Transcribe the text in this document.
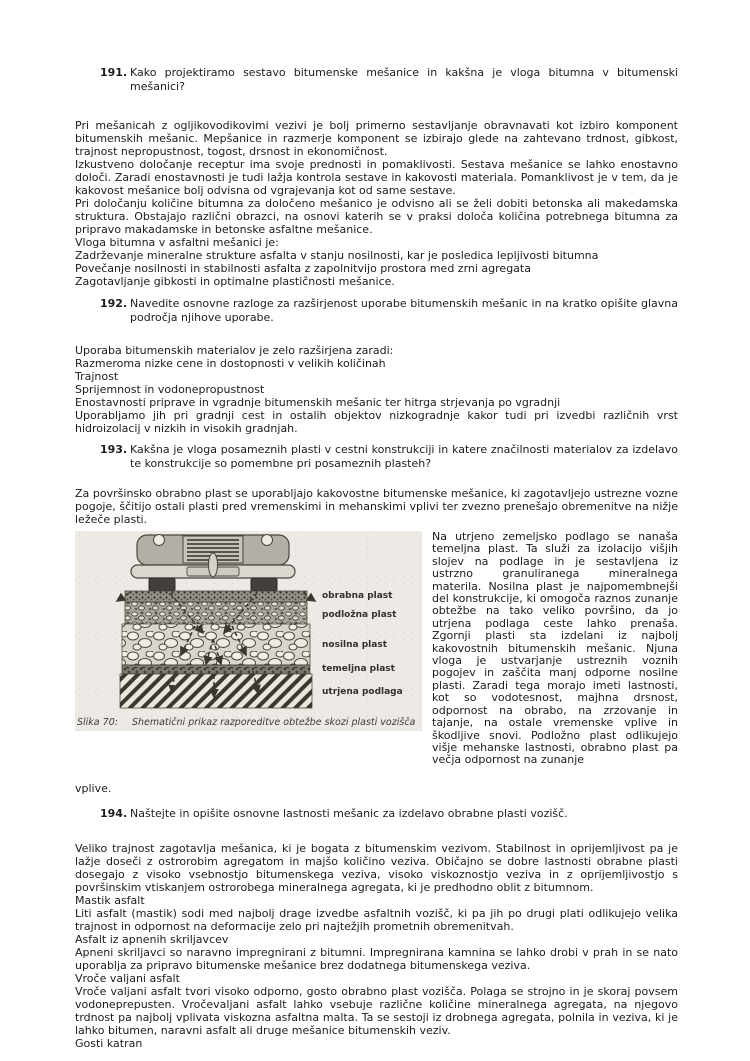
191. Kako projektiramo sestavo bitumenske mešanice in kakšna je vloga bitumna v bitumenski mešanici?

Pri mešanicah z ogljikovodikovimi vezivi je bolj primerno sestavljanje obravnavati kot izbiro komponent bitumenskih mešanic. Mepšanice in razmerje komponent se izbirajo glede na zahtevano trdnost, gibkost, trajnost nepropustnost, togost, drsnost in ekonomičnost.

Izkustveno določanje receptur ima svoje prednosti in pomaklivosti. Sestava mešanice se lahko enostavno določi. Zaradi enostavnosti je tudi lažja kontrola sestave in kakovosti materiala. Pomanklivost je v tem, da je kakovost mešanice bolj odvisna od vgrajevanja kot od same sestave.

Pri določanju količine bitumna za določeno mešanico je odvisno ali se želi dobiti betonska ali makedamska struktura. Obstajajo različni obrazci, na osnovi katerih se v praksi določa količina potrebnega bitumna za pripravo makadamske in betonske asfaltne mešanice.

Vloga bitumna v asfaltni mešanici je:

Zadrževanje mineralne strukture asfalta v stanju nosilnosti, kar je posledica lepljivosti bitumna

Povečanje nosilnosti in stabilnosti asfalta z zapolnitvijo prostora med zrni agregata

Zagotavljanje gibkosti in optimalne plastičnosti mešanice.

192. Navedite osnovne razloge za razširjenost uporabe bitumenskih mešanic in na kratko opišite glavna področja njihove uporabe.

Uporaba bitumenskih materialov je zelo razširjena zaradi:

Razmeroma nizke cene in dostopnosti v velikih količinah

Trajnost

Sprijemnost in vodonepropustnost

Enostavnosti priprave in vgradnje bitumenskih mešanic ter hitrga strjevanja po vgradnji

Uporabljamo jih pri gradnji cest in ostalih objektov nizkogradnje kakor tudi pri izvedbi različnih vrst hidroizolacij v nizkih in visokih gradnjah.

193. Kakšna je vloga posameznih plasti v cestni konstrukciji in katere značilnosti materialov za izdelavo te konstrukcije so pomembne pri posameznih plasteh?

Za površinsko obrabno plast se uporabljajo kakovostne bitumenske mešanice, ki zagotavljejo ustrezne vozne pogoje, ščitijo ostali plasti pred vremenskimi in mehanskimi vplivi ter zvezno prenešajo obremenitve na nižje ležeče plasti.

obrabna plast
podložna plast
nosilna plast
temeljna plast
utrjena podlaga
Slika 70: Shematični prikaz razporeditve obtežbe skozi plasti vozišča
Na utrjeno zemeljsko podlago se nanaša temeljna plast. Ta služi za izolacijo višjih slojev na podlage in je sestavljena iz ustrzno granuliranega mineralnega materila. Nosilna plast je najpomembnejši del konstrukcije, ki omogoča raznos zunanje obtežbe na tako veliko površino, da jo utrjena podlaga ceste lahko prenaša. Zgornji plasti sta izdelani iz najbolj kakovostnih bitumenskih mešanic. Njuna vloga je ustvarjanje ustreznih voznih pogojev in zaščita manj odporne nosilne plasti. Zaradi tega morajo imeti lastnosti, kot so vodotesnost, majhna drsnost, odpornost na obrabo, na zrzovanje in tajanje, na ostale vremenske vplive in škodljive snovi. Podložno plast odlikujejo višje mehanske lastnosti, obrabno plast pa večja odpornost na zunanje

vplive.

194. Naštejte in opišite osnovne lastnosti mešanic za izdelavo obrabne plasti vozišč.

Veliko trajnost zagotavlja mešanica, ki je bogata z bitumenskim vezivom. Stabilnost in oprijemljivost pa je lažje doseči z ostrorobim agregatom in majšo količino veziva. Običajno se dobre lastnosti obrabne plasti dosegajo z visoko vsebnostjo bitumenskega veziva, visoko viskoznostjo veziva in z oprijemljivostjo s površinskim vtiskanjem ostrorobega mineralnega agregata, ki je predhodno oblit z bitumnom.

Mastik asfalt

Liti asfalt (mastik) sodi med najbolj drage izvedbe asfaltnih vozišč, ki pa jih po drugi plati odlikujejo velika trajnost in odpornost na deformacije zelo pri najtežjih prometnih obremenitvah.

Asfalt iz apnenih skriljavcev

Apneni skriljavci so naravno impregnirani z bitumni. Impregnirana kamnina se lahko drobi v prah in se nato uporablja za pripravo bitumenske mešanice brez dodatnega bitumenskega veziva.

Vroče valjani asfalt

Vroče valjani asfalt tvori visoko odporno, gosto obrabno plast vozišča. Polaga se strojno in je skoraj povsem vodoneprepusten. Vročevaljani asfalt lahko vsebuje različne količine mineralnega agregata, na njegovo trdnost pa najbolj vplivata viskozna asfaltna malta. Ta se sestoji iz drobnega agregata, polnila in veziva, ki je lahko bitumen, naravni asfalt ali druge mešanice bitumenskih veziv.

Gosti katran
